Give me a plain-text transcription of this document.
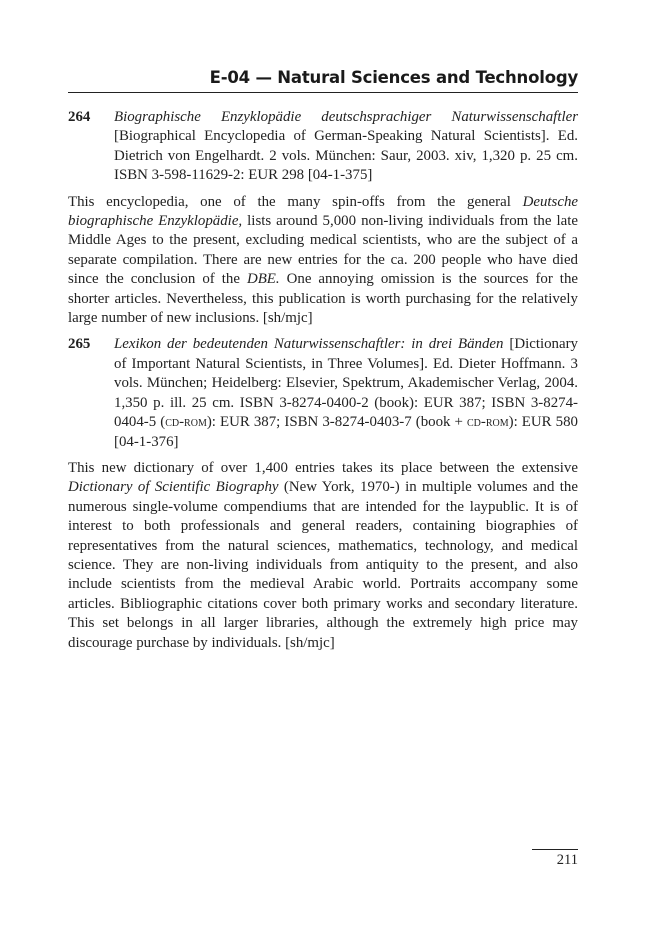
E-04 — Natural Sciences and Technology
264 Biographische Enzyklopädie deutschsprachiger Naturwissenschaftler [Biographical Encyclopedia of German-Speaking Natural Scientists]. Ed. Dietrich von Engelhardt. 2 vols. München: Saur, 2003. xiv, 1,320 p. 25 cm. ISBN 3-598-11629-2: EUR 298 [04-1-375]

This encyclopedia, one of the many spin-offs from the general Deutsche biographische Enzyklopädie, lists around 5,000 non-living individuals from the late Middle Ages to the present, excluding medical scientists, who are the subject of a separate compilation. There are new entries for the ca. 200 people who have died since the conclusion of the DBE. One annoying omission is the sources for the shorter articles. Nevertheless, this publication is worth purchasing for the relatively large number of new inclusions. [sh/mjc]

265 Lexikon der bedeutenden Naturwissenschaftler: in drei Bänden [Dictionary of Important Natural Scientists, in Three Volumes]. Ed. Dieter Hoffmann. 3 vols. München; Heidelberg: Elsevier, Spektrum, Akademischer Verlag, 2004. 1,350 p. ill. 25 cm. ISBN 3-8274-0400-2 (book): EUR 387; ISBN 3-8274-0404-5 (cd-rom): EUR 387; ISBN 3-8274-0403-7 (book + cd-rom): EUR 580 [04-1-376]

This new dictionary of over 1,400 entries takes its place between the extensive Dictionary of Scientific Biography (New York, 1970-) in multiple volumes and the numerous single-volume compendiums that are intended for the laypublic. It is of interest to both professionals and general readers, containing biographies of representatives from the natural sciences, mathematics, technology, and medical science. They are non-living individuals from antiquity to the present, and also include scientists from the medieval Arabic world. Portraits accompany some articles. Bibliographic citations cover both primary works and secondary literature. This set belongs in all larger libraries, although the extremely high price may discourage purchase by individuals. [sh/mjc]

211
